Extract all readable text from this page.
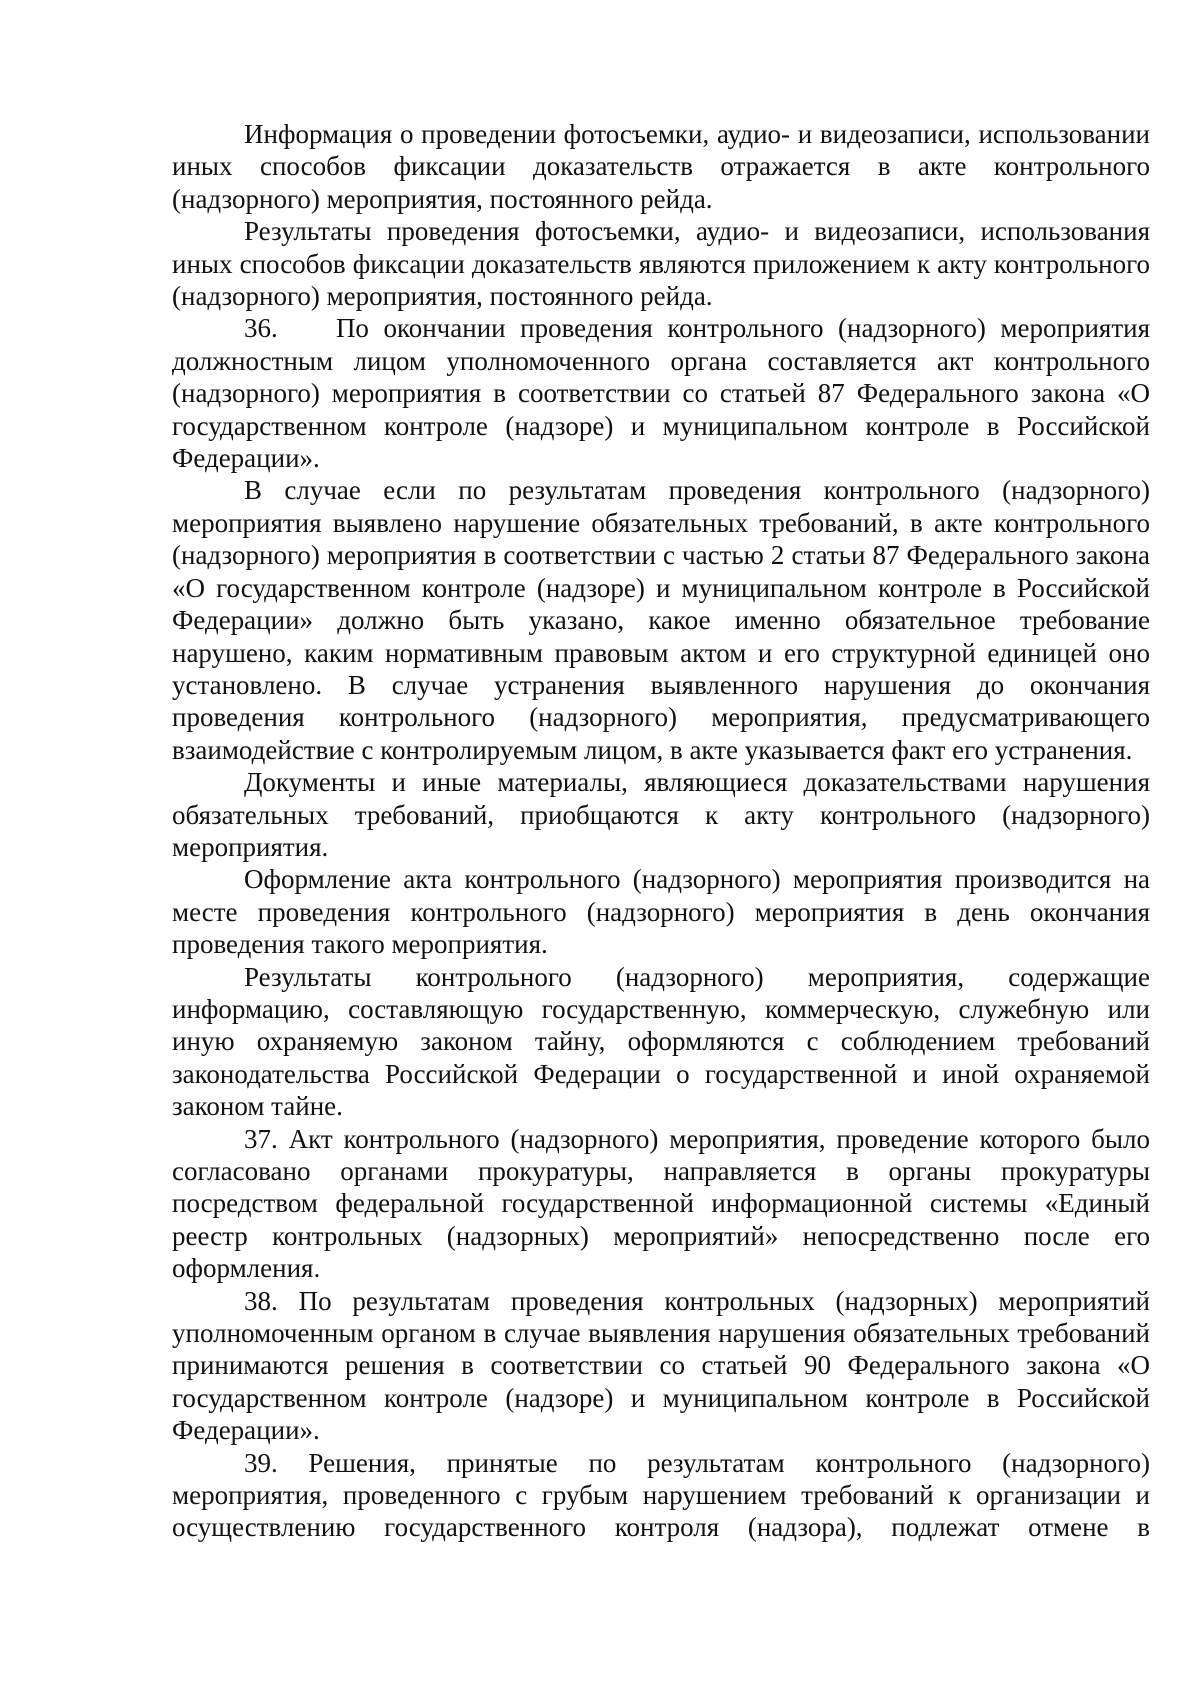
Информация о проведении фотосъемки, аудио- и видеозаписи, использовании иных способов фиксации доказательств отражается в акте контрольного (надзорного) мероприятия, постоянного рейда.

Результаты проведения фотосъемки, аудио- и видеозаписи, использования иных способов фиксации доказательств являются приложением к акту контрольного (надзорного) мероприятия, постоянного рейда.

36.    По окончании проведения контрольного (надзорного) мероприятия должностным лицом уполномоченного органа составляется акт контрольного (надзорного) мероприятия в соответствии со статьей 87 Федерального закона «О государственном контроле (надзоре) и муниципальном контроле в Российской Федерации».

В случае если по результатам проведения контрольного (надзорного) мероприятия выявлено нарушение обязательных требований, в акте контрольного (надзорного) мероприятия в соответствии с частью 2 статьи 87 Федерального закона «О государственном контроле (надзоре) и муниципальном контроле в Российской Федерации» должно быть указано, какое именно обязательное требование нарушено, каким нормативным правовым актом и его структурной единицей оно установлено. В случае устранения выявленного нарушения до окончания проведения контрольного (надзорного) мероприятия, предусматривающего взаимодействие с контролируемым лицом, в акте указывается факт его устранения.

Документы и иные материалы, являющиеся доказательствами нарушения обязательных требований, приобщаются к акту контрольного (надзорного) мероприятия.

Оформление акта контрольного (надзорного) мероприятия производится на месте проведения контрольного (надзорного) мероприятия в день окончания проведения такого мероприятия.

Результаты контрольного (надзорного) мероприятия, содержащие информацию, составляющую государственную, коммерческую, служебную или иную охраняемую законом тайну, оформляются с соблюдением требований законодательства Российской Федерации о государственной и иной охраняемой законом тайне.

37. Акт контрольного (надзорного) мероприятия, проведение которого было согласовано органами прокуратуры, направляется в органы прокуратуры посредством федеральной государственной информационной системы «Единый реестр контрольных (надзорных) мероприятий» непосредственно после его оформления.

38. По результатам проведения контрольных (надзорных) мероприятий уполномоченным органом в случае выявления нарушения обязательных требований принимаются решения в соответствии со статьей 90 Федерального закона «О государственном контроле (надзоре) и муниципальном контроле в Российской Федерации».

39. Решения, принятые по результатам контрольного (надзорного) мероприятия, проведенного с грубым нарушением требований к организации и осуществлению государственного контроля (надзора), подлежат отмене в
